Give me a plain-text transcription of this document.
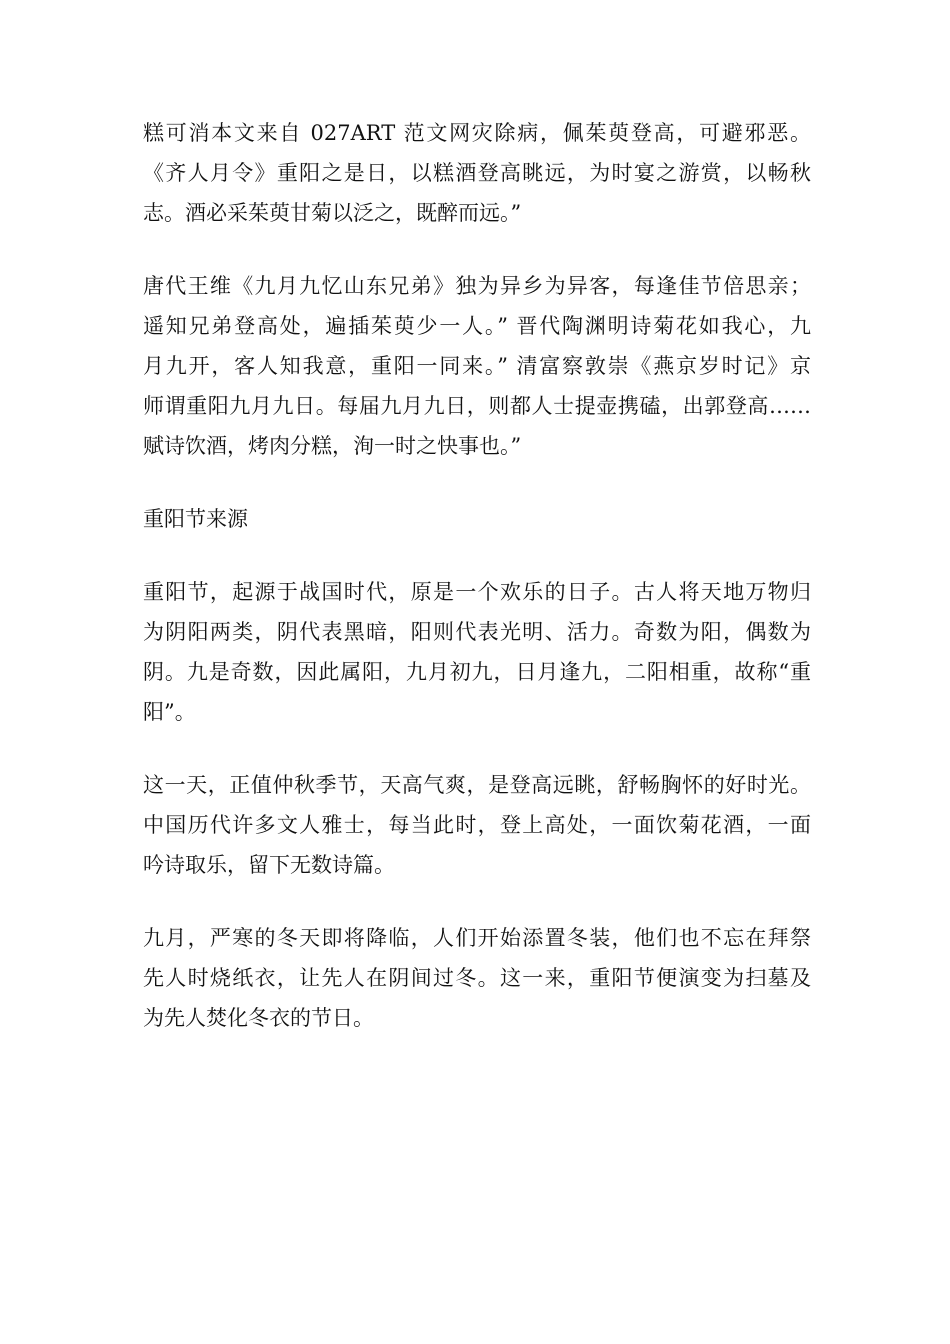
糕可消本文来自 027ART 范文网灾除病，佩茱萸登高，可避邪恶。
《齐人月令》重阳之是日，以糕酒登高眺远，为时宴之游赏，以畅秋
志。酒必采茱萸甘菊以泛之，既醉而远。”

唐代王维《九月九忆山东兄弟》独为异乡为异客，每逢佳节倍思亲；
遥知兄弟登高处，遍插茱萸少一人。” 晋代陶渊明诗菊花如我心，九
月九开，客人知我意，重阳一同来。” 清富察敦崇《燕京岁时记》京
师谓重阳九月九日。每届九月九日，则都人士提壶携磕，出郭登高……
赋诗饮酒，烤肉分糕，洵一时之快事也。”

重阳节来源

重阳节，起源于战国时代，原是一个欢乐的日子。古人将天地万物归
为阴阳两类，阴代表黑暗，阳则代表光明、活力。奇数为阳，偶数为
阴。九是奇数，因此属阳，九月初九，日月逢九，二阳相重，故称“重
阳”。

这一天，正值仲秋季节，天高气爽，是登高远眺，舒畅胸怀的好时光。
中国历代许多文人雅士，每当此时，登上高处，一面饮菊花酒，一面
吟诗取乐，留下无数诗篇。

九月，严寒的冬天即将降临，人们开始添置冬装，他们也不忘在拜祭
先人时烧纸衣，让先人在阴间过冬。这一来，重阳节便演变为扫墓及
为先人焚化冬衣的节日。
